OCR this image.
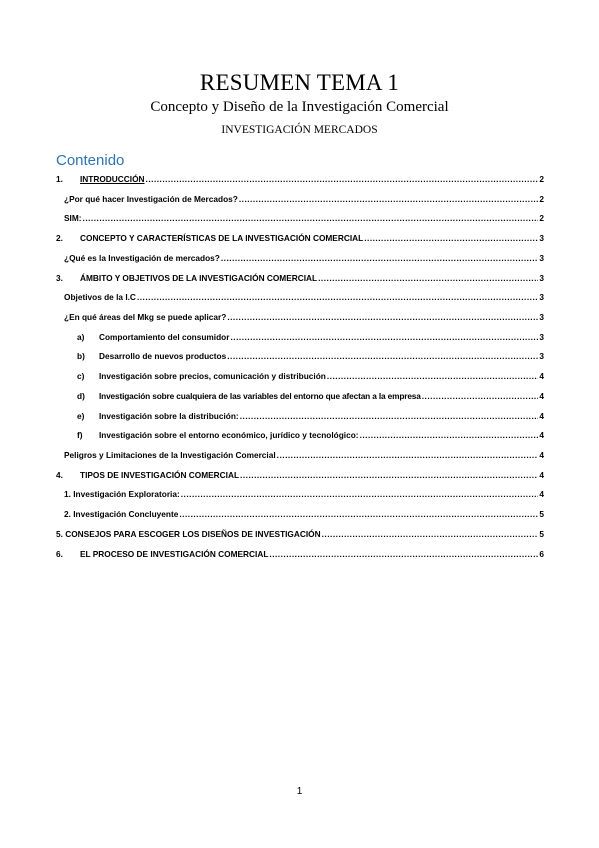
RESUMEN TEMA 1
Concepto y Diseño de la Investigación Comercial
INVESTIGACIÓN MERCADOS
Contenido
1.	INTRODUCCIÓN .....	2
¿Por qué hacer Investigación de Mercados? .....	2
SIM: .....	2
2.	CONCEPTO Y CARACTERÍSTICAS DE LA INVESTIGACIÓN COMERCIAL .....	3
¿Qué es la Investigación de mercados? .....	3
3.	ÁMBITO Y OBJETIVOS DE LA INVESTIGACIÓN COMERCIAL .....	3
Objetivos de la I.C .....	3
¿En qué áreas del Mkg se puede aplicar? .....	3
a)	Comportamiento del consumidor .....	3
b)	Desarrollo de nuevos productos .....	3
c)	Investigación sobre precios, comunicación y distribución .....	4
d)	Investigación sobre cualquiera de las variables del entorno que afectan a la empresa .....	4
e)	Investigación sobre la distribución: .....	4
f)	Investigación sobre el entorno económico, jurídico y tecnológico: .....	4
Peligros y Limitaciones de la Investigación Comercial .....	4
4.	TIPOS DE INVESTIGACIÓN COMERCIAL .....	4
1. Investigación Exploratoria: .....	4
2. Investigación Concluyente .....	5
5. CONSEJOS PARA ESCOGER LOS DISEÑOS DE INVESTIGACIÓN .....	5
6.	EL PROCESO DE INVESTIGACIÓN COMERCIAL .....	6
1
